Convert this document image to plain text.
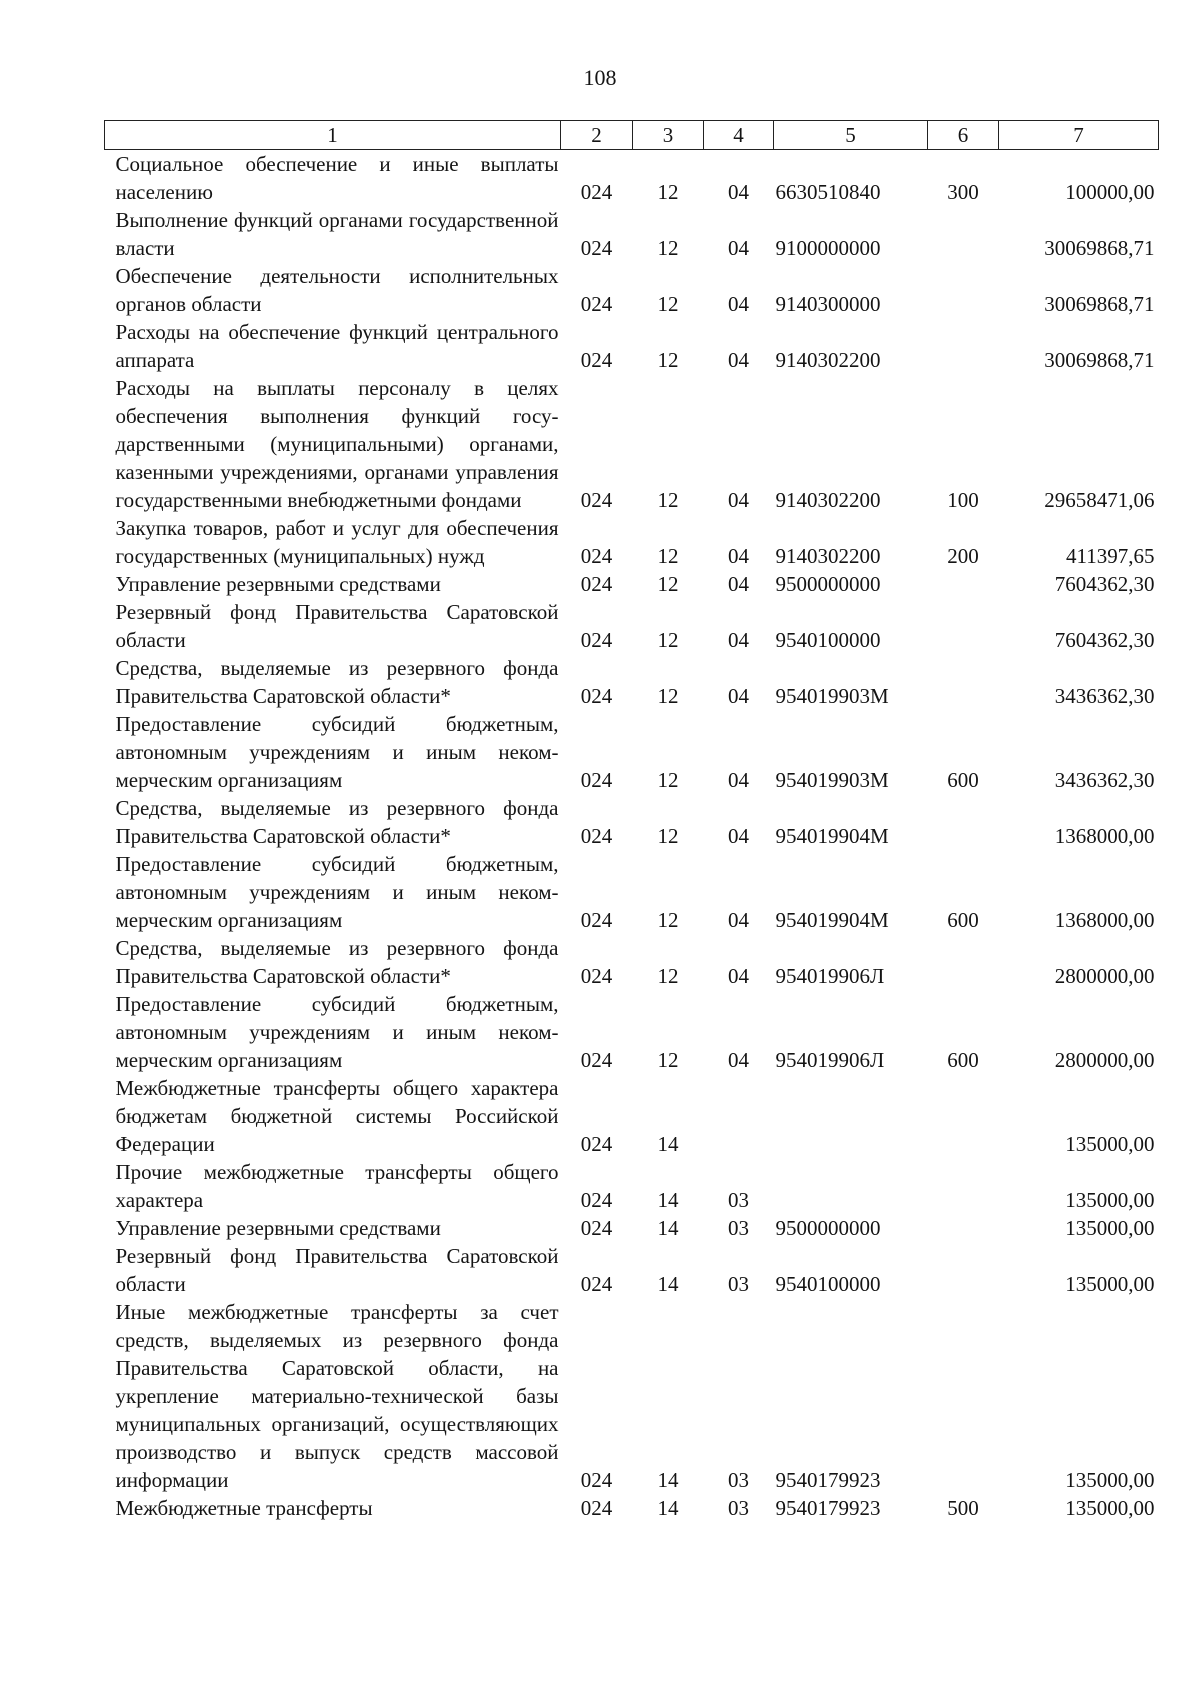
108
1	2	3	4	5	6	7
Социальное обеспечение и иные выплаты населению	024	12	04	6630510840	300	100000,00
Выполнение функций органами государственной власти	024	12	04	9100000000		30069868,71
Обеспечение деятельности исполнительных органов области	024	12	04	9140300000		30069868,71
Расходы на обеспечение функций центрального аппарата	024	12	04	9140302200		30069868,71
Расходы на выплаты персоналу в целях обеспечения выполнения функций государственными (муниципальными) органами, казенными учреждениями, органами управления государственными внебюджетными фондами	024	12	04	9140302200	100	29658471,06
Закупка товаров, работ и услуг для обеспечения государственных (муниципальных) нужд	024	12	04	9140302200	200	411397,65
Управление резервными средствами	024	12	04	9500000000		7604362,30
Резервный фонд Правительства Саратовской области	024	12	04	9540100000		7604362,30
Средства, выделяемые из резервного фонда Правительства Саратовской области*	024	12	04	954019903М		3436362,30
Предоставление субсидий бюджетным, автономным учреждениям и иным некоммерческим организациям	024	12	04	954019903М	600	3436362,30
Средства, выделяемые из резервного фонда Правительства Саратовской области*	024	12	04	954019904М		1368000,00
Предоставление субсидий бюджетным, автономным учреждениям и иным некоммерческим организациям	024	12	04	954019904М	600	1368000,00
Средства, выделяемые из резервного фонда Правительства Саратовской области*	024	12	04	954019906Л		2800000,00
Предоставление субсидий бюджетным, автономным учреждениям и иным некоммерческим организациям	024	12	04	954019906Л	600	2800000,00
Межбюджетные трансферты общего характера бюджетам бюджетной системы Российской Федерации	024	14				135000,00
Прочие межбюджетные трансферты общего характера	024	14	03			135000,00
Управление резервными средствами	024	14	03	9500000000		135000,00
Резервный фонд Правительства Саратовской области	024	14	03	9540100000		135000,00
Иные межбюджетные трансферты за счет средств, выделяемых из резервного фонда Правительства Саратовской области, на укрепление материально-технической базы муниципальных организаций, осуществляющих производство и выпуск средств массовой информации	024	14	03	9540179923		135000,00
Межбюджетные трансферты	024	14	03	9540179923	500	135000,00
